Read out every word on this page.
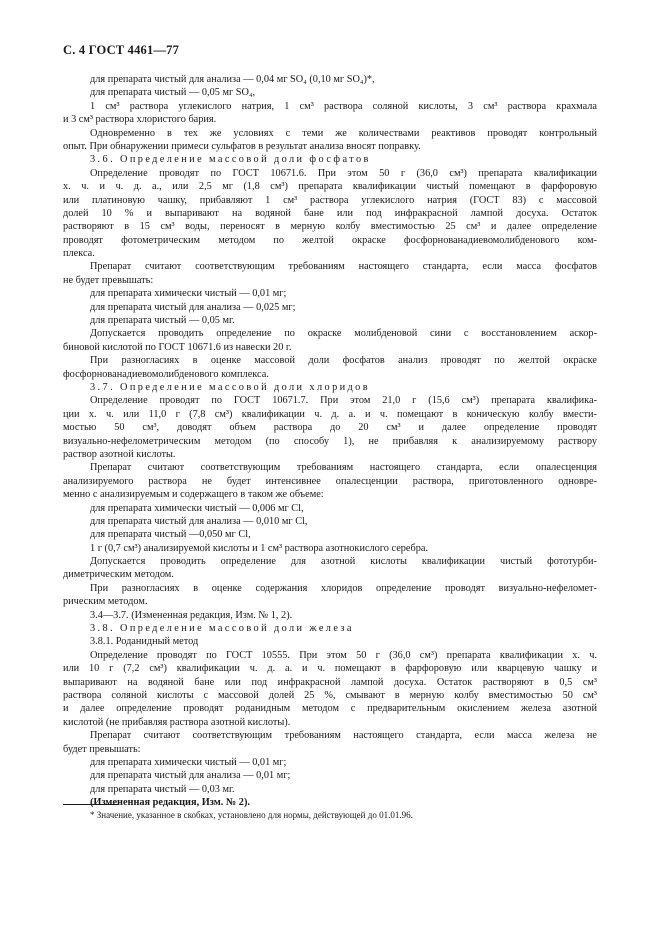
С. 4 ГОСТ 4461—77
для препарата чистый для анализа — 0,04 мг SO₄ (0,10 мг SO₄)*,
для препарата чистый — 0,05 мг SO₄,
1 см³ раствора углекислого натрия, 1 см³ раствора соляной кислоты, 3 см³ раствора крахмала
и 3 см³ раствора хлористого бария.
Одновременно в тех же условиях с теми же количествами реактивов проводят контрольный
опыт. При обнаружении примеси сульфатов в результат анализа вносят поправку.
3.6. Определение массовой доли фосфатов
Определение проводят по ГОСТ 10671.6. При этом 50 г (36,0 см³) препарата квалификации
х. ч. и ч. д. а., или 2,5 мг (1,8 см³) препарата квалификации чистый помещают в фарфоровую
или платиновую чашку, прибавляют 1 см³ раствора углекислого натрия (ГОСТ 83) с массовой
долей 10 % и выпаривают на водяной бане или под инфракрасной лампой досуха. Остаток
растворяют в 15 см³ воды, переносят в мерную колбу вместимостью 25 см³ и далее определение
проводят фотометрическим методом по желтой окраске фосфорнованадиевомолибденового ком-
плекса.
Препарат считают соответствующим требованиям настоящего стандарта, если масса фосфатов
не будет превышать:
для препарата химически чистый — 0,01 мг;
для препарата чистый для анализа — 0,025 мг;
для препарата чистый — 0,05 мг.
Допускается проводить определение по окраске молибденовой сини с восстановлением аскор-
биновой кислотой по ГОСТ 10671.6 из навески 20 г.
При разногласиях в оценке массовой доли фосфатов анализ проводят по желтой окраске
фосфорнованадиевомолибденового комплекса.
3.7. Определение массовой доли хлоридов
Определение проводят по ГОСТ 10671.7. При этом 21,0 г (15,6 см³) препарата квалифика-
ции х. ч. или 11,0 г (7,8 см³) квалификации ч. д. а. и ч. помещают в коническую колбу вмести-
мостью 50 см³, доводят объем раствора до 20 см³ и далее определение проводят
визуально-нефелометрическим методом (по способу 1), не прибавляя к анализируемому раствору
раствор азотной кислоты.
Препарат считают соответствующим требованиям настоящего стандарта, если опалесценция
анализируемого раствора не будет интенсивнее опалесценции раствора, приготовленного одновре-
менно с анализируемым и содержащего в таком же объеме:
для препарата химически чистый — 0,006 мг Cl,
для препарата чистый для анализа — 0,010 мг Cl,
для препарата чистый —0,050 мг Cl,
1 г (0,7 см³) анализируемой кислоты и 1 см³ раствора азотнокислого серебра.
Допускается проводить определение для азотной кислоты квалификации чистый фототурби-
диметрическим методом.
При разногласиях в оценке содержания хлоридов определение проводят визуально-нефеломет-
рическим методом.
3.4—3.7. (Измененная редакция, Изм. № 1, 2).
3.8. Определение массовой доли железа
3.8.1. Роданидный метод
Определение проводят по ГОСТ 10555. При этом 50 г (36,0 см³) препарата квалификации х. ч.
или 10 г (7,2 см³) квалификации ч. д. а. и ч. помещают в фарфоровую или кварцевую чашку и
выпаривают на водяной бане или под инфракрасной лампой досуха. Остаток растворяют в 0,5 см³
раствора соляной кислоты с массовой долей 25 %, смывают в мерную колбу вместимостью 50 см³
и далее определение проводят роданидным методом с предварительным окислением железа азотной
кислотой (не прибавляя раствора азотной кислоты).
Препарат считают соответствующим требованиям настоящего стандарта, если масса железа не
будет превышать:
для препарата химически чистый — 0,01 мг;
для препарата чистый для анализа — 0,01 мг;
для препарата чистый — 0,03 мг.
(Измененная редакция, Изм. № 2).
* Значение, указанное в скобках, установлено для нормы, действующей до 01.01.96.
